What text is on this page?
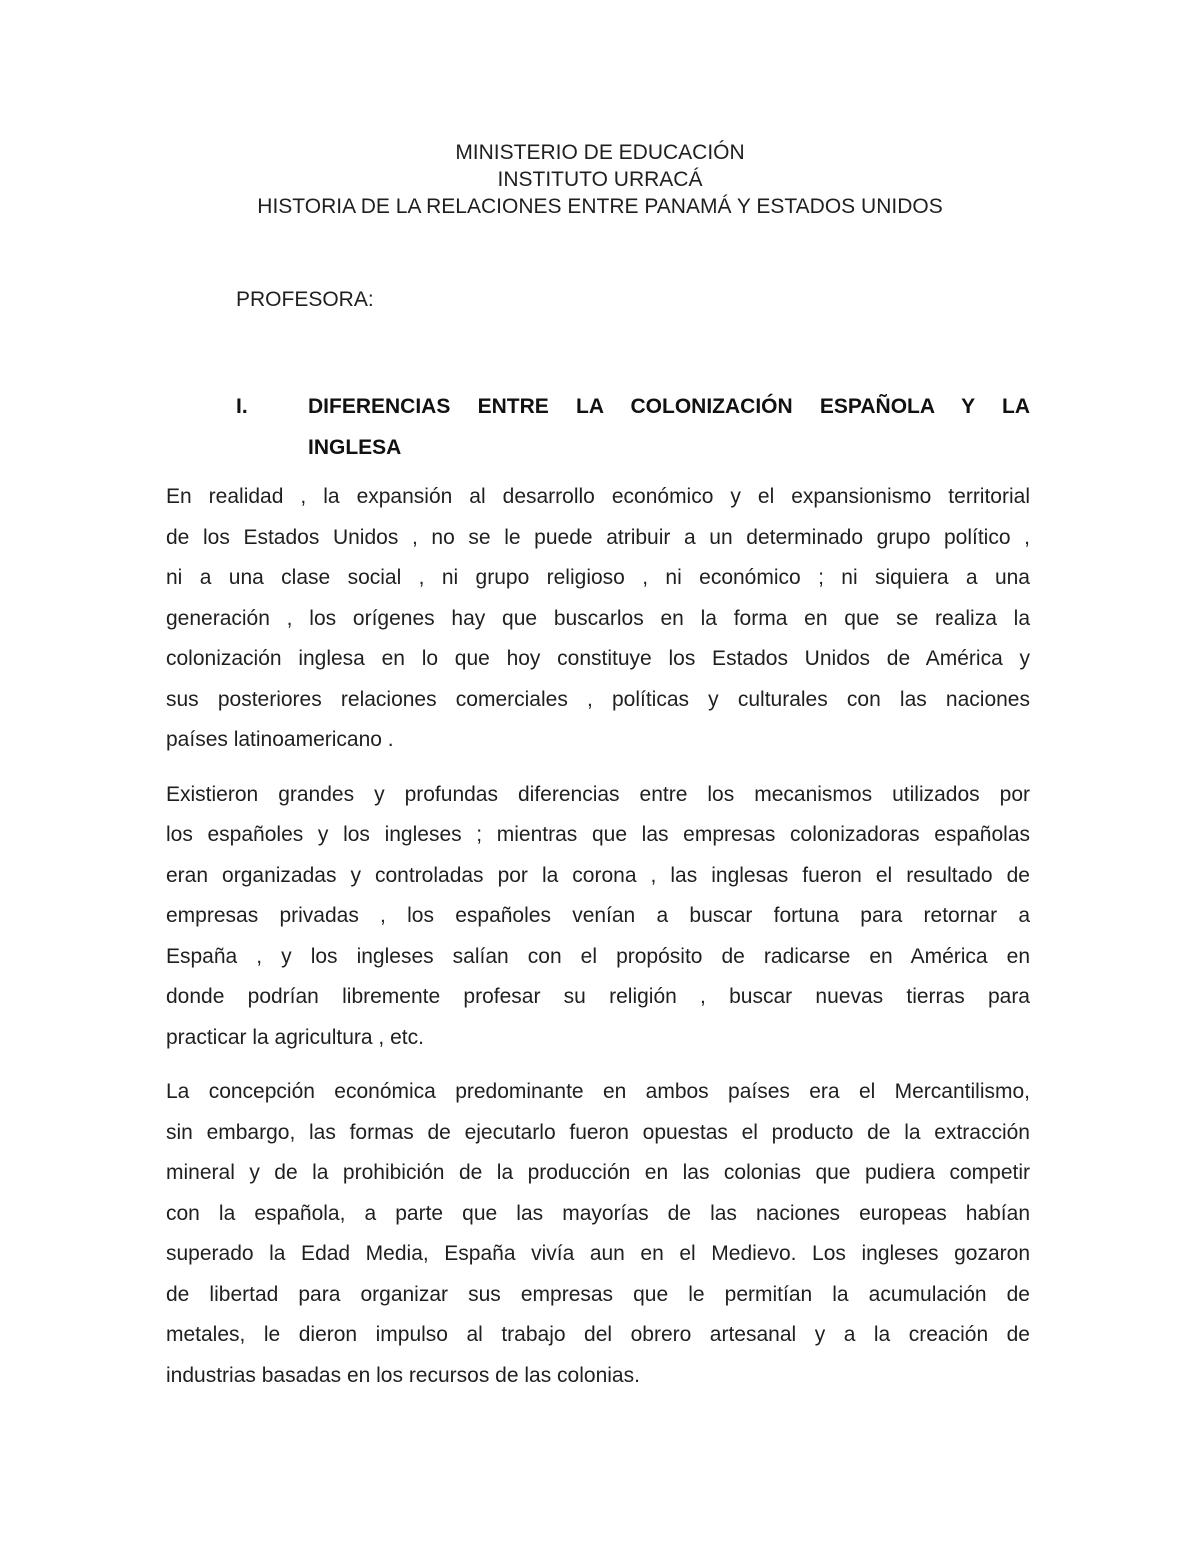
MINISTERIO DE EDUCACIÓN
INSTITUTO URRACÁ
HISTORIA DE LA RELACIONES ENTRE PANAMÁ Y ESTADOS UNIDOS
PROFESORA:
I.	DIFERENCIAS ENTRE LA COLONIZACIÓN ESPAÑOLA Y LA
INGLESA
En realidad , la expansión al desarrollo económico y el expansionismo territorial
de los Estados Unidos , no se le puede atribuir a un determinado grupo político ,
ni a una clase social , ni grupo religioso , ni económico ; ni siquiera a una
generación , los orígenes hay que buscarlos en la forma en que se realiza la
colonización inglesa en lo que hoy constituye los Estados Unidos de América y
sus posteriores relaciones comerciales , políticas y culturales con las naciones
países latinoamericano .
Existieron grandes y profundas diferencias entre los mecanismos utilizados por
los españoles y los ingleses ; mientras que las empresas colonizadoras españolas
eran organizadas y controladas por la corona , las inglesas fueron el resultado de
empresas privadas , los españoles venían a buscar fortuna para retornar a
España , y los ingleses salían con el propósito de radicarse en América en
donde podrían libremente profesar su religión , buscar nuevas tierras para
practicar la agricultura , etc.
La concepción económica predominante en ambos países era el Mercantilismo,
sin embargo, las formas de ejecutarlo fueron opuestas el producto de la extracción
mineral y de la prohibición de la producción en las colonias que pudiera competir
con la española, a parte que las mayorías de las naciones europeas habían
superado la Edad Media, España vivía aun en el Medievo. Los ingleses gozaron
de libertad para organizar sus empresas que le permitían la acumulación de
metales, le dieron impulso al trabajo del obrero artesanal y a la creación de
industrias basadas en los recursos de las colonias.
